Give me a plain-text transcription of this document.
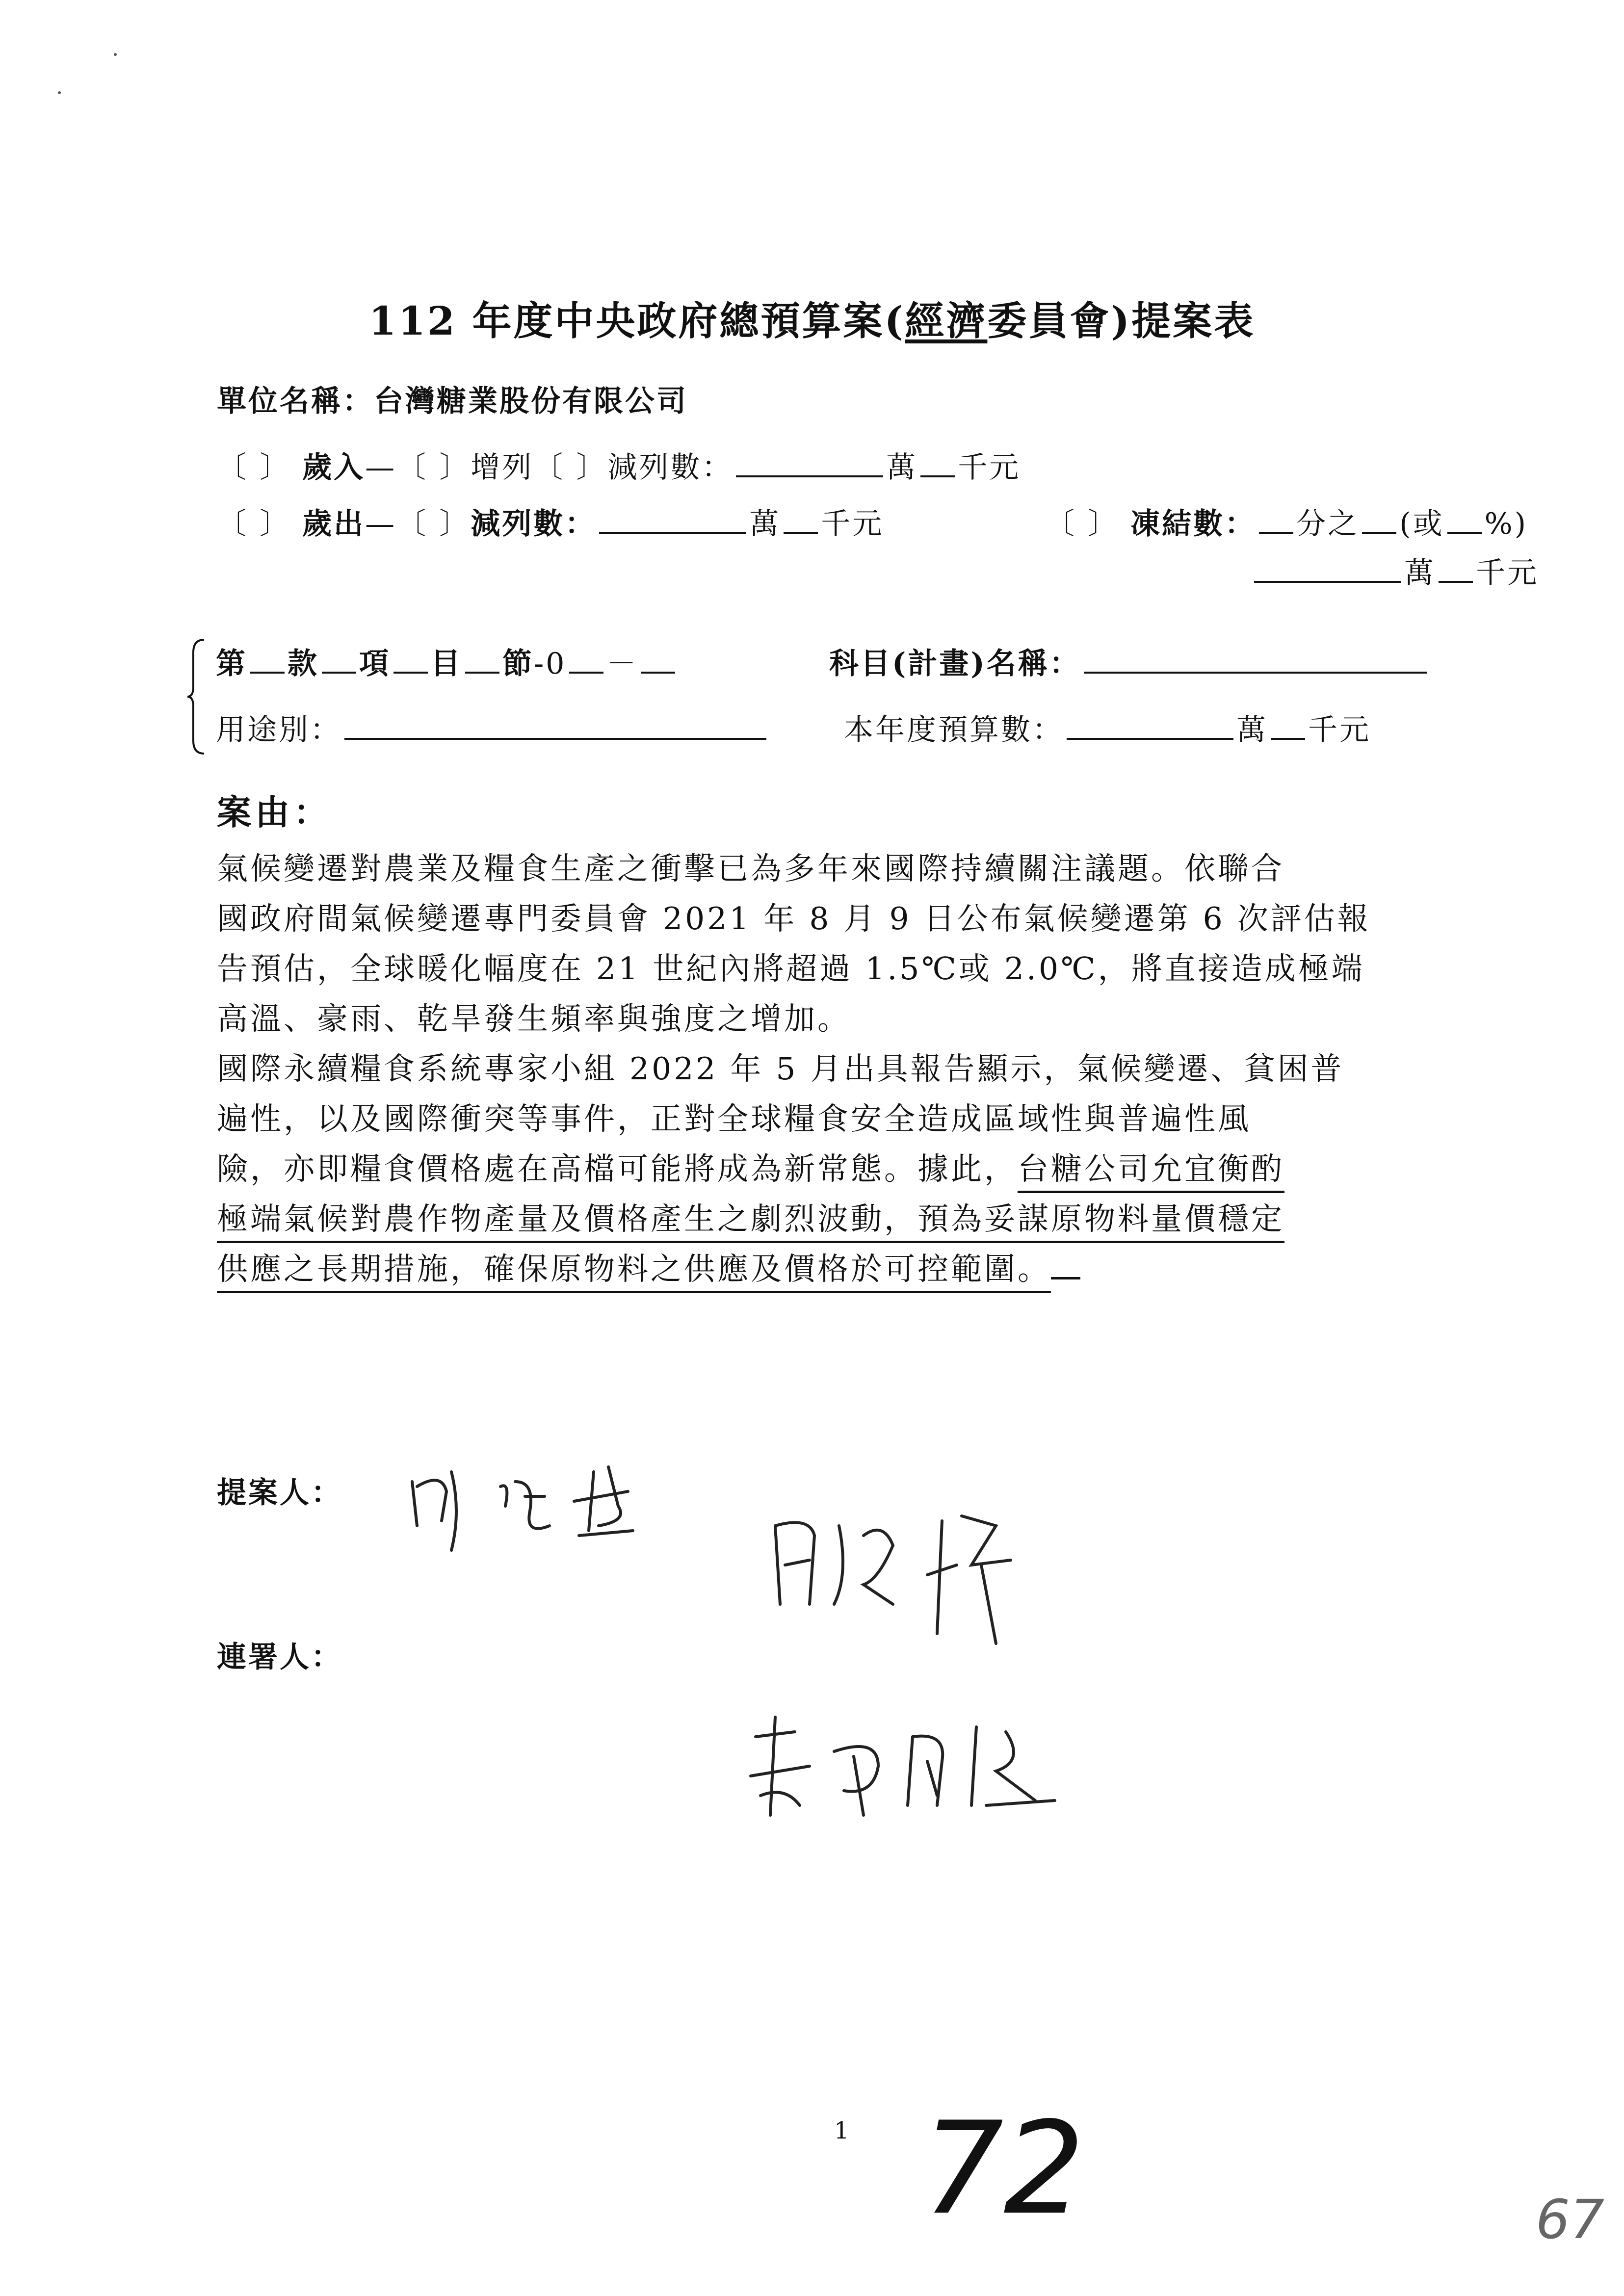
112 年度中央政府總預算案(經濟委員會)提案表
單位名稱：台灣糖業股份有限公司
〔 〕 歲入—〔 〕增列〔 〕減列數：	萬 千元
〔 〕 歲出—〔 〕減列數：	萬 千元	〔 〕 凍結數： 分之 (或 %)
萬 千元
第 款 項 目 節-0 －	科目(計畫)名稱：
用途別：	本年度預算數：	萬 千元
案由：
氣候變遷對農業及糧食生產之衝擊已為多年來國際持續關注議題。依聯合
國政府間氣候變遷專門委員會 2021 年 8 月 9 日公布氣候變遷第 6 次評估報
告預估，全球暖化幅度在 21 世紀內將超過 1.5℃或 2.0℃，將直接造成極端
高溫、豪雨、乾旱發生頻率與強度之增加。
國際永續糧食系統專家小組 2022 年 5 月出具報告顯示，氣候變遷、貧困普
遍性，以及國際衝突等事件，正對全球糧食安全造成區域性與普遍性風
險，亦即糧食價格處在高檔可能將成為新常態。據此，台糖公司允宜衡酌
極端氣候對農作物產量及價格產生之劇烈波動，預為妥謀原物料量價穩定
供應之長期措施，確保原物料之供應及價格於可控範圍。
提案人：
連署人：
1 72	67
